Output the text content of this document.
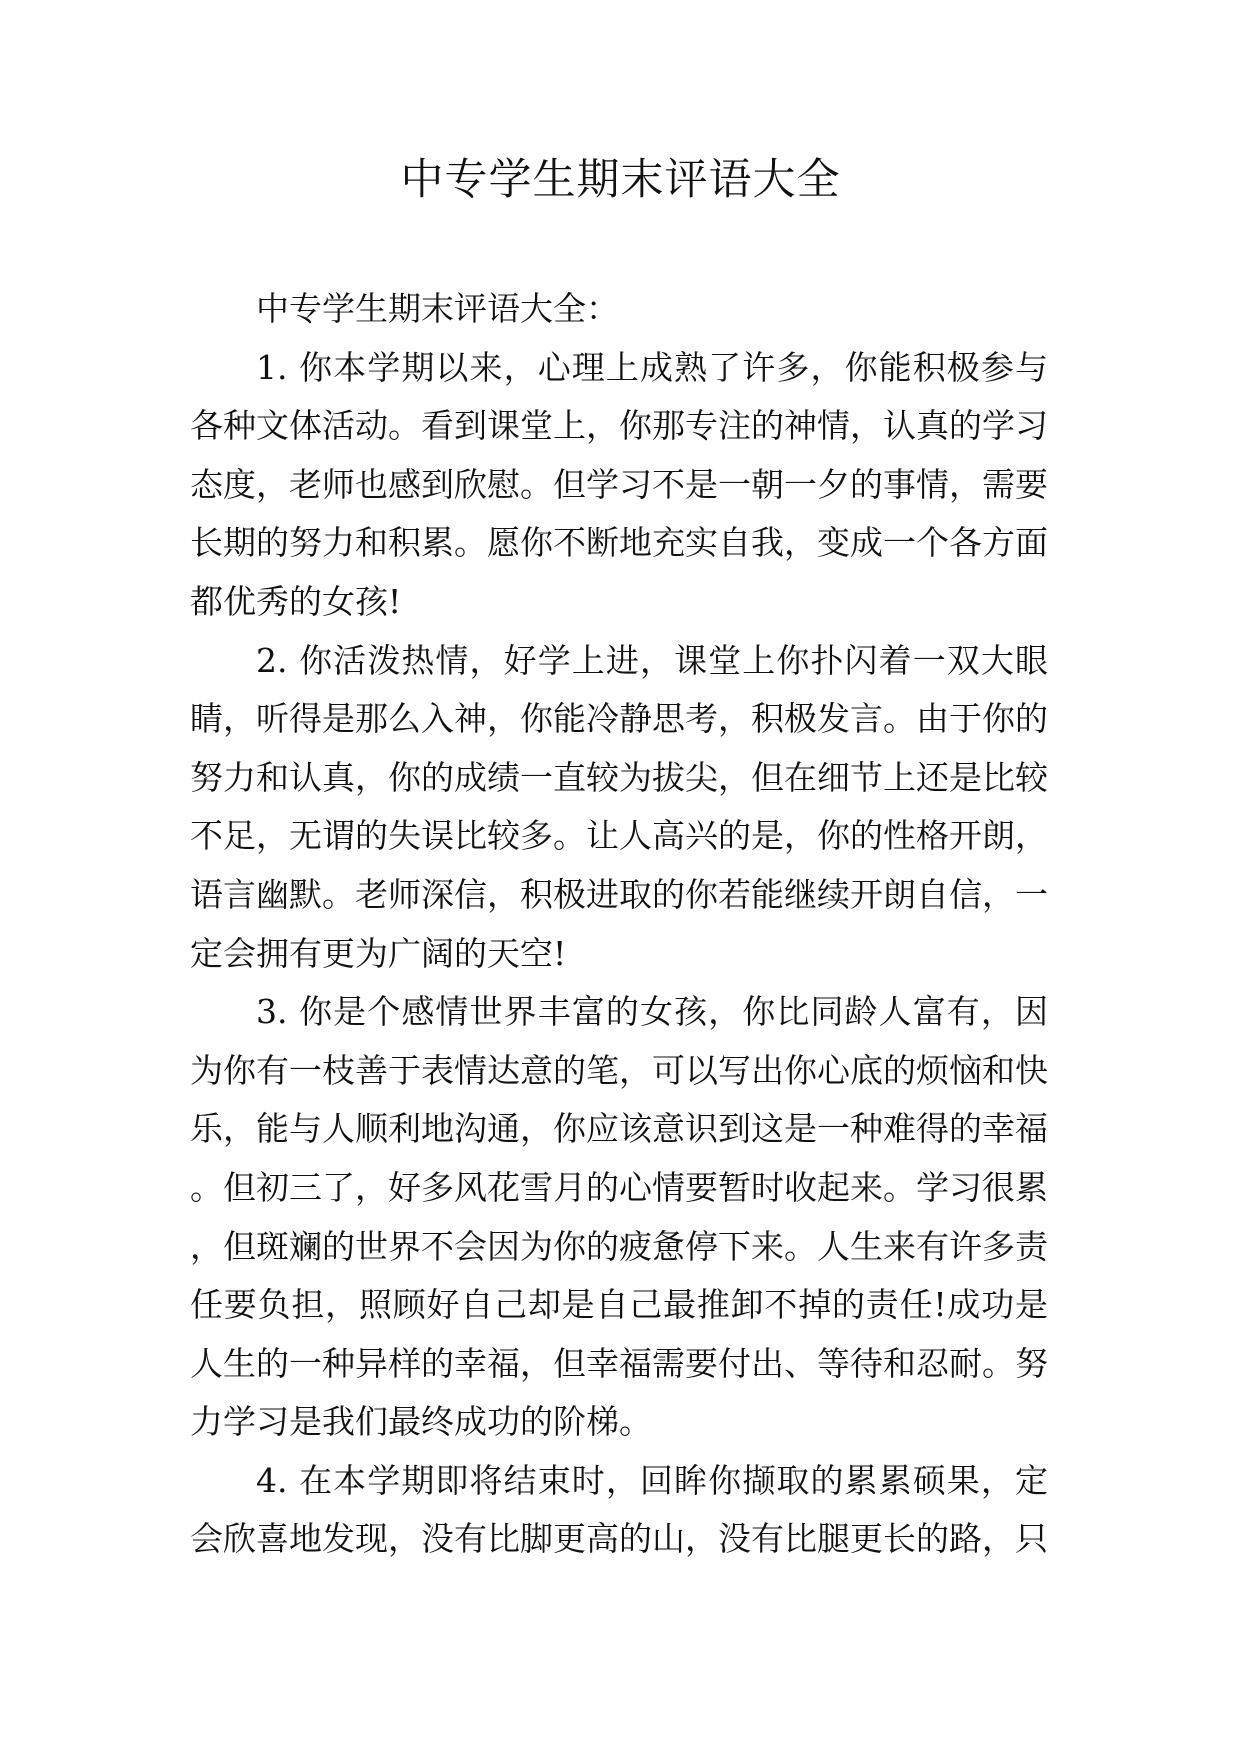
中专学生期末评语大全

中专学生期末评语大全：

1. 你本学期以来，心理上成熟了许多，你能积极参与各种文体活动。看到课堂上，你那专注的神情，认真的学习态度，老师也感到欣慰。但学习不是一朝一夕的事情，需要长期的努力和积累。愿你不断地充实自我，变成一个各方面都优秀的女孩!

2. 你活泼热情，好学上进，课堂上你扑闪着一双大眼睛，听得是那么入神，你能冷静思考，积极发言。由于你的努力和认真，你的成绩一直较为拔尖，但在细节上还是比较不足，无谓的失误比较多。让人高兴的是，你的性格开朗，语言幽默。老师深信，积极进取的你若能继续开朗自信，一定会拥有更为广阔的天空!

3. 你是个感情世界丰富的女孩，你比同龄人富有，因为你有一枝善于表情达意的笔，可以写出你心底的烦恼和快乐，能与人顺利地沟通，你应该意识到这是一种难得的幸福。但初三了，好多风花雪月的心情要暂时收起来。学习很累，但斑斓的世界不会因为你的疲惫停下来。人生来有许多责任要负担，照顾好自己却是自己最推卸不掉的责任!成功是人生的一种异样的幸福，但幸福需要付出、等待和忍耐。努力学习是我们最终成功的阶梯。

4. 在本学期即将结束时，回眸你撷取的累累硕果，定会欣喜地发现，没有比脚更高的山，没有比腿更长的路，只
